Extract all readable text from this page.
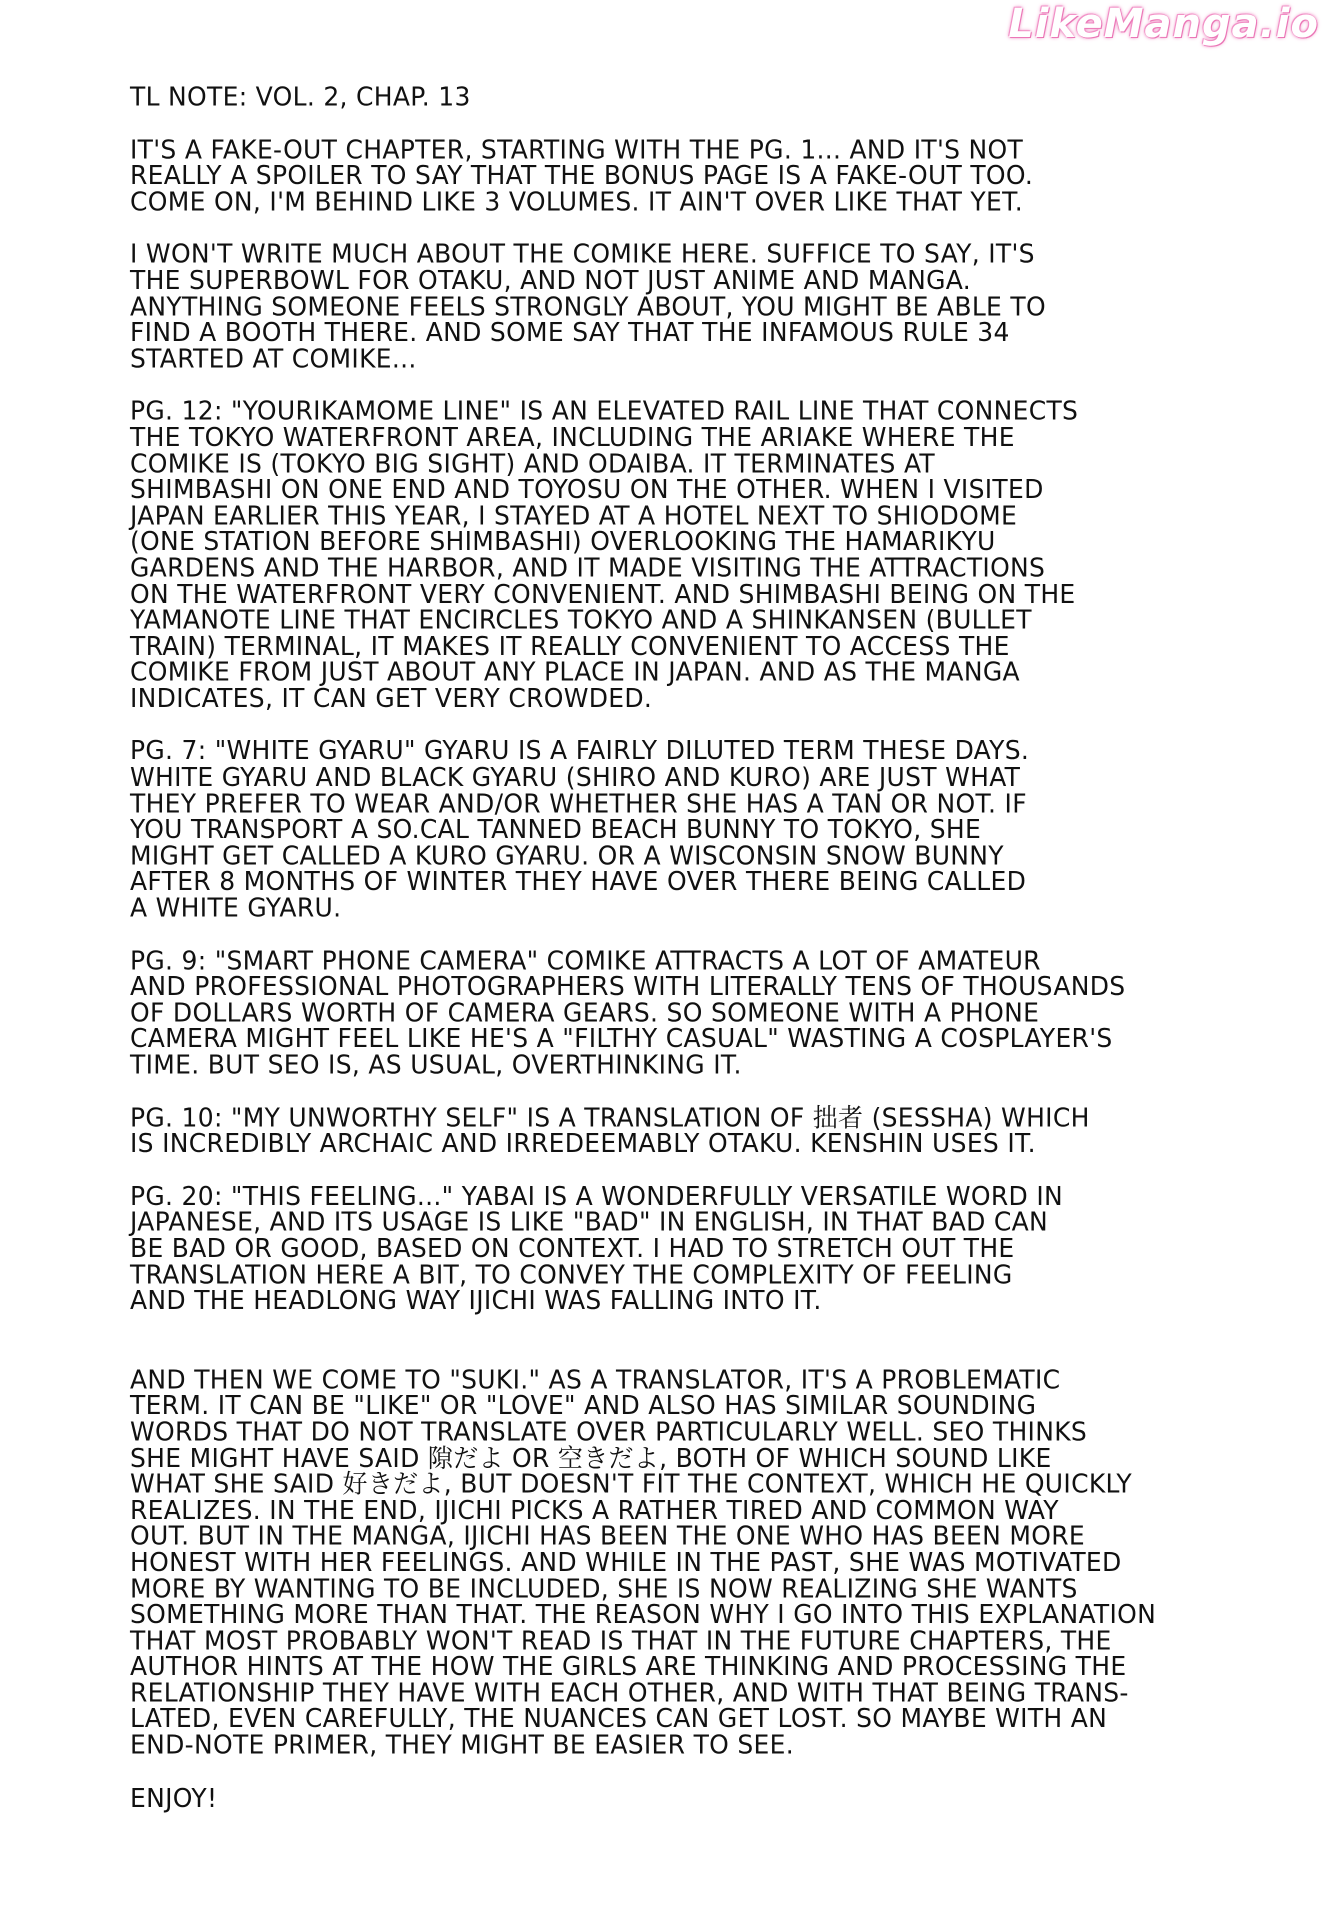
LikeManga.io
TL NOTE: VOL. 2, CHAP. 13
IT'S A FAKE-OUT CHAPTER, STARTING WITH THE PG. 1... AND IT'S NOT
REALLY A SPOILER TO SAY THAT THE BONUS PAGE IS A FAKE-OUT TOO.
COME ON, I'M BEHIND LIKE 3 VOLUMES. IT AIN'T OVER LIKE THAT YET.
I WON'T WRITE MUCH ABOUT THE COMIKE HERE. SUFFICE TO SAY, IT'S
THE SUPERBOWL FOR OTAKU, AND NOT JUST ANIME AND MANGA.
ANYTHING SOMEONE FEELS STRONGLY ABOUT, YOU MIGHT BE ABLE TO
FIND A BOOTH THERE. AND SOME SAY THAT THE INFAMOUS RULE 34
STARTED AT COMIKE...
PG. 12: "YOURIKAMOME LINE" IS AN ELEVATED RAIL LINE THAT CONNECTS
THE TOKYO WATERFRONT AREA, INCLUDING THE ARIAKE WHERE THE
COMIKE IS (TOKYO BIG SIGHT) AND ODAIBA. IT TERMINATES AT
SHIMBASHI ON ONE END AND TOYOSU ON THE OTHER. WHEN I VISITED
JAPAN EARLIER THIS YEAR, I STAYED AT A HOTEL NEXT TO SHIODOME
(ONE STATION BEFORE SHIMBASHI) OVERLOOKING THE HAMARIKYU
GARDENS AND THE HARBOR, AND IT MADE VISITING THE ATTRACTIONS
ON THE WATERFRONT VERY CONVENIENT. AND SHIMBASHI BEING ON THE
YAMANOTE LINE THAT ENCIRCLES TOKYO AND A SHINKANSEN (BULLET
TRAIN) TERMINAL, IT MAKES IT REALLY CONVENIENT TO ACCESS THE
COMIKE FROM JUST ABOUT ANY PLACE IN JAPAN. AND AS THE MANGA
INDICATES, IT CAN GET VERY CROWDED.
PG. 7: "WHITE GYARU" GYARU IS A FAIRLY DILUTED TERM THESE DAYS.
WHITE GYARU AND BLACK GYARU (SHIRO AND KURO) ARE JUST WHAT
THEY PREFER TO WEAR AND/OR WHETHER SHE HAS A TAN OR NOT. IF
YOU TRANSPORT A SO.CAL TANNED BEACH BUNNY TO TOKYO, SHE
MIGHT GET CALLED A KURO GYARU. OR A WISCONSIN SNOW BUNNY
AFTER 8 MONTHS OF WINTER THEY HAVE OVER THERE BEING CALLED
A WHITE GYARU.
PG. 9: "SMART PHONE CAMERA" COMIKE ATTRACTS A LOT OF AMATEUR
AND PROFESSIONAL PHOTOGRAPHERS WITH LITERALLY TENS OF THOUSANDS
OF DOLLARS WORTH OF CAMERA GEARS. SO SOMEONE WITH A PHONE
CAMERA MIGHT FEEL LIKE HE'S A "FILTHY CASUAL" WASTING A COSPLAYER'S
TIME. BUT SEO IS, AS USUAL, OVERTHINKING IT.
PG. 10: "MY UNWORTHY SELF" IS A TRANSLATION OF 拙者 (SESSHA) WHICH
IS INCREDIBLY ARCHAIC AND IRREDEEMABLY OTAKU. KENSHIN USES IT.
PG. 20: "THIS FEELING..." YABAI IS A WONDERFULLY VERSATILE WORD IN
JAPANESE, AND ITS USAGE IS LIKE "BAD" IN ENGLISH, IN THAT BAD CAN
BE BAD OR GOOD, BASED ON CONTEXT. I HAD TO STRETCH OUT THE
TRANSLATION HERE A BIT, TO CONVEY THE COMPLEXITY OF FEELING
AND THE HEADLONG WAY IJICHI WAS FALLING INTO IT.
AND THEN WE COME TO "SUKI." AS A TRANSLATOR, IT'S A PROBLEMATIC
TERM. IT CAN BE "LIKE" OR "LOVE" AND ALSO HAS SIMILAR SOUNDING
WORDS THAT DO NOT TRANSLATE OVER PARTICULARLY WELL. SEO THINKS
SHE MIGHT HAVE SAID 隙だよ OR 空きだよ, BOTH OF WHICH SOUND LIKE
WHAT SHE SAID 好きだよ, BUT DOESN'T FIT THE CONTEXT, WHICH HE QUICKLY
REALIZES. IN THE END, IJICHI PICKS A RATHER TIRED AND COMMON WAY
OUT. BUT IN THE MANGA, IJICHI HAS BEEN THE ONE WHO HAS BEEN MORE
HONEST WITH HER FEELINGS. AND WHILE IN THE PAST, SHE WAS MOTIVATED
MORE BY WANTING TO BE INCLUDED, SHE IS NOW REALIZING SHE WANTS
SOMETHING MORE THAN THAT. THE REASON WHY I GO INTO THIS EXPLANATION
THAT MOST PROBABLY WON'T READ IS THAT IN THE FUTURE CHAPTERS, THE
AUTHOR HINTS AT THE HOW THE GIRLS ARE THINKING AND PROCESSING THE
RELATIONSHIP THEY HAVE WITH EACH OTHER, AND WITH THAT BEING TRANS-
LATED, EVEN CAREFULLY, THE NUANCES CAN GET LOST. SO MAYBE WITH AN
END-NOTE PRIMER, THEY MIGHT BE EASIER TO SEE.
ENJOY!
